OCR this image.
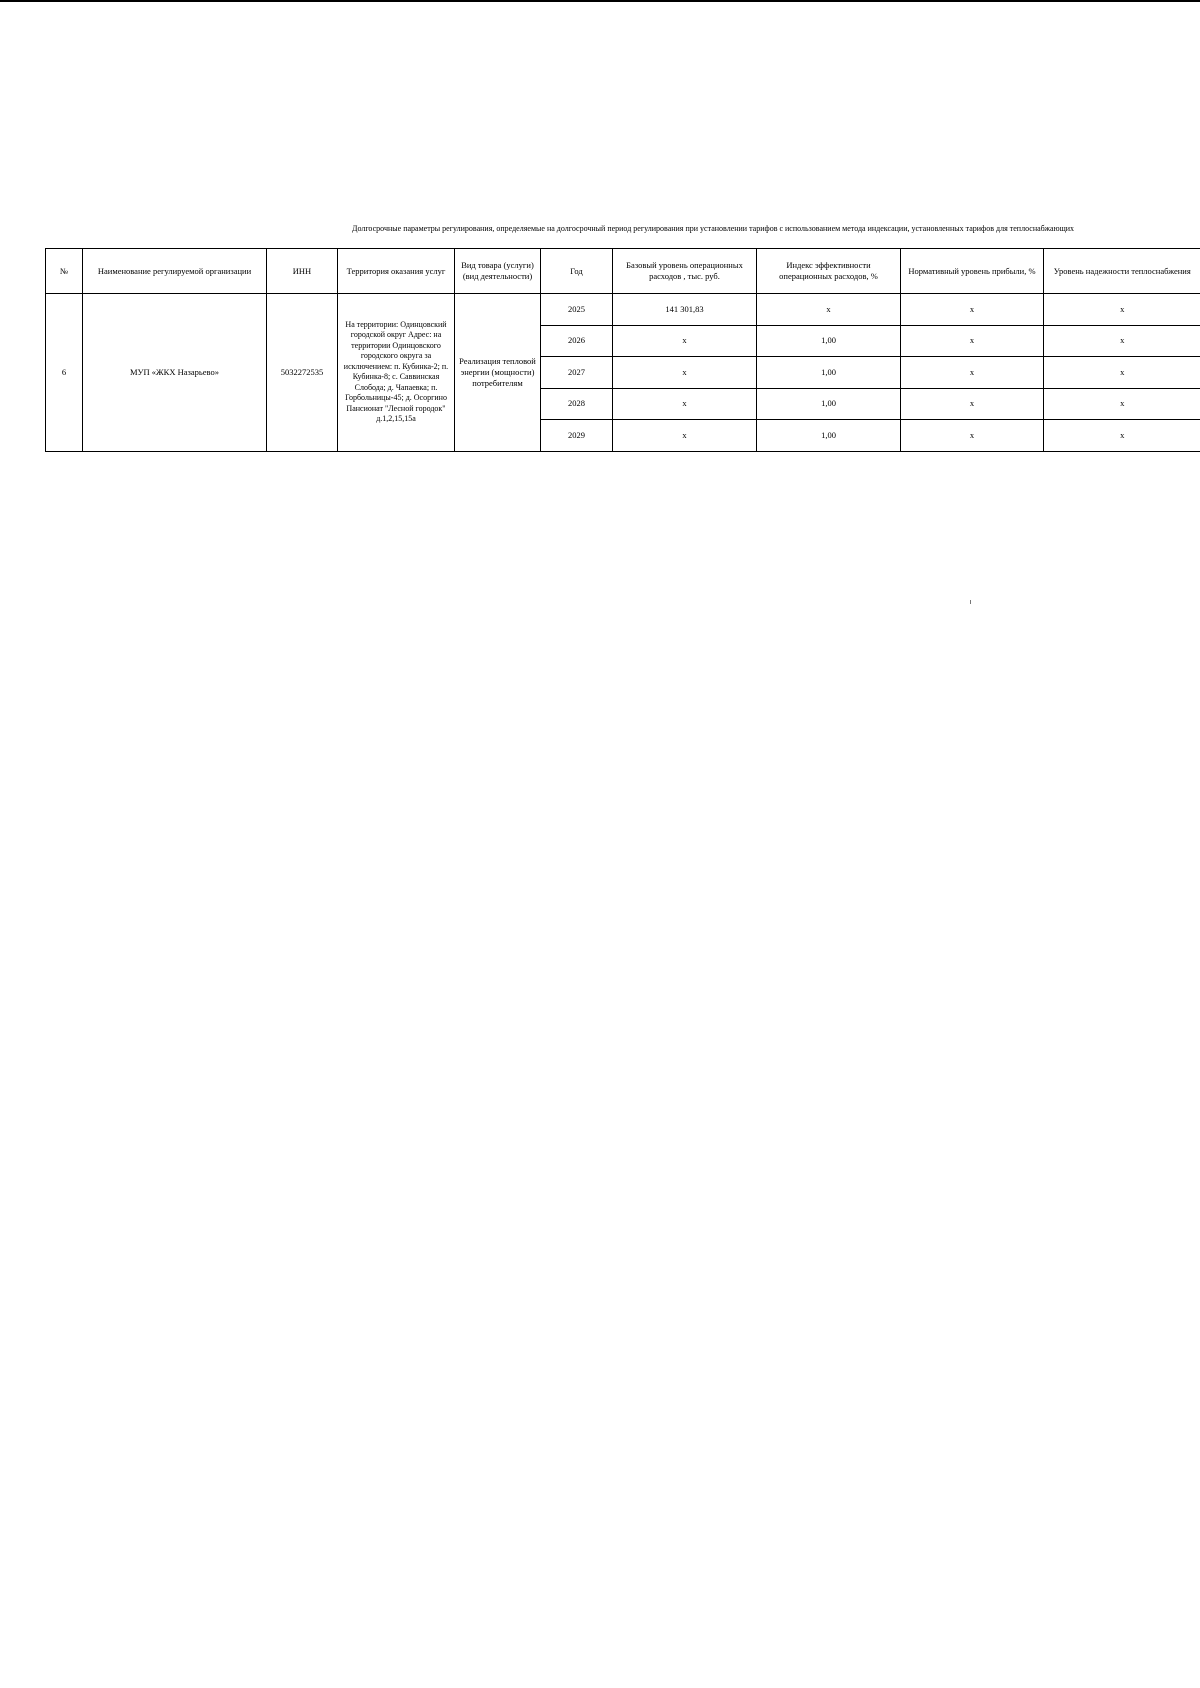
Долгосрочные параметры регулирования, определяемые на долгосрочный период регулирования при установлении тарифов с использованием метода индексации, установленных тарифов для теплоснабжающих
№	Наименование регулируемой организации	ИНН	Территория оказания услуг	Вид товара (услуги) (вид деятельности)	Год	Базовый уровень операционных расходов , тыс. руб.	Индекс эффективности операционных расходов, %	Нормативный уровень прибыли, %	Уровень надежности теплоснабжения
6	МУП «ЖКХ Назарьево»	5032272535	На территории: Одинцовский городской округ Адрес: на территории Одинцовского городского округа за исключением: п. Кубинка-2; п. Кубинка-8; с. Саввинская Слобода; д. Чапаевка; п. Горбольницы-45; д. Осоргино Пансионат "Лесной городок" д.1,2,15,15а	Реализация тепловой энергии (мощности) потребителям	2025	141 301,83	х	х	х
					2026	х	1,00	х	х
					2027	х	1,00	х	х
					2028	х	1,00	х	х
					2029	х	1,00	х	х
